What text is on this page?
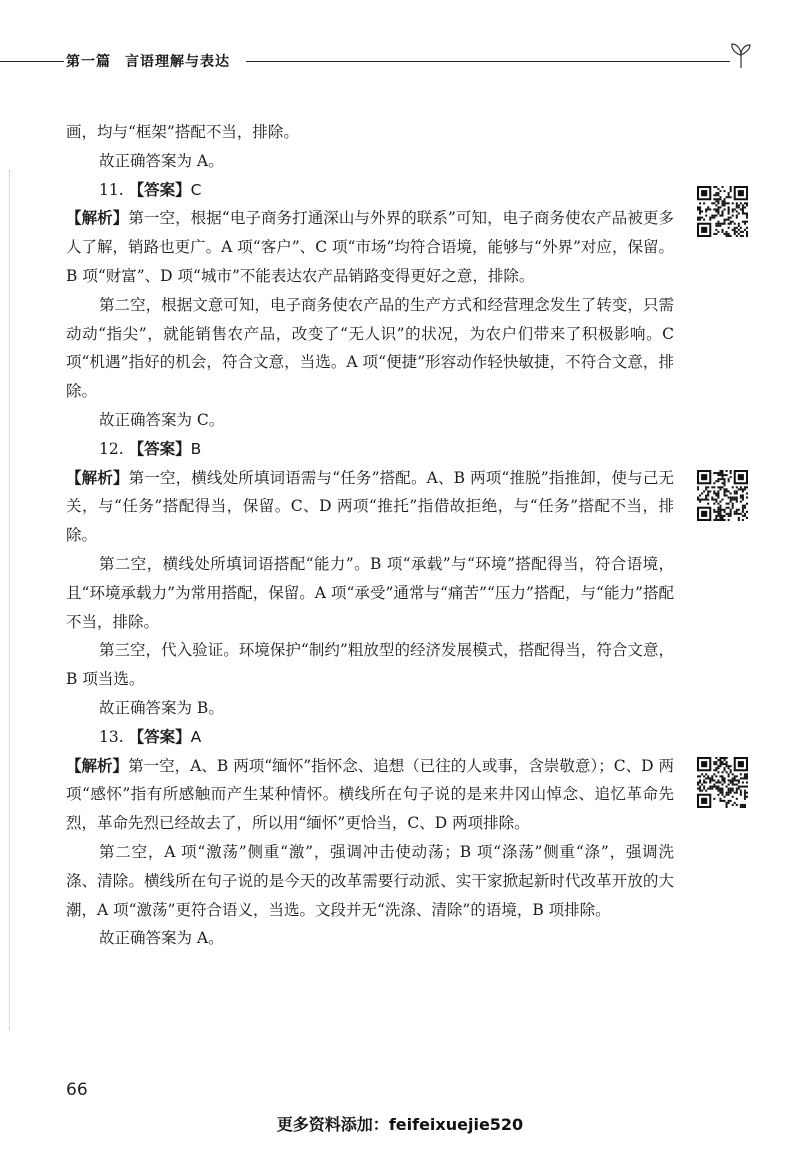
第一篇 言语理解与表达

画，均与“框架”搭配不当，排除。

故正确答案为 A。

11. 【答案】C

【解析】第一空，根据“电子商务打通深山与外界的联系”可知，电子商务使农产品被更多人了解，销路也更广。A 项“客户”、C 项“市场”均符合语境，能够与“外界”对应，保留。B 项“财富”、D 项“城市”不能表达农产品销路变得更好之意，排除。

第二空，根据文意可知，电子商务使农产品的生产方式和经营理念发生了转变，只需动动“指尖”，就能销售农产品，改变了“无人识”的状况，为农户们带来了积极影响。C 项“机遇”指好的机会，符合文意，当选。A 项“便捷”形容动作轻快敏捷，不符合文意，排除。

故正确答案为 C。

12. 【答案】B

【解析】第一空，横线处所填词语需与“任务”搭配。A、B 两项“推脱”指推卸，使与己无关，与“任务”搭配得当，保留。C、D 两项“推托”指借故拒绝，与“任务”搭配不当，排除。

第二空，横线处所填词语搭配“能力”。B 项“承载”与“环境”搭配得当，符合语境，且“环境承载力”为常用搭配，保留。A 项“承受”通常与“痛苦”“压力”搭配，与“能力”搭配不当，排除。

第三空，代入验证。环境保护“制约”粗放型的经济发展模式，搭配得当，符合文意，B 项当选。

故正确答案为 B。

13. 【答案】A

【解析】第一空，A、B 两项“缅怀”指怀念、追想（已往的人或事，含崇敬意）；C、D 两项“感怀”指有所感触而产生某种情怀。横线所在句子说的是来井冈山悼念、追忆革命先烈，革命先烈已经故去了，所以用“缅怀”更恰当，C、D 两项排除。

第二空，A 项“激荡”侧重“激”，强调冲击使动荡；B 项“涤荡”侧重“涤”，强调洗涤、清除。横线所在句子说的是今天的改革需要行动派、实干家掀起新时代改革开放的大潮，A 项“激荡”更符合语义，当选。文段并无“洗涤、清除”的语境，B 项排除。

故正确答案为 A。

66
更多资料添加：feifeixuejie520
